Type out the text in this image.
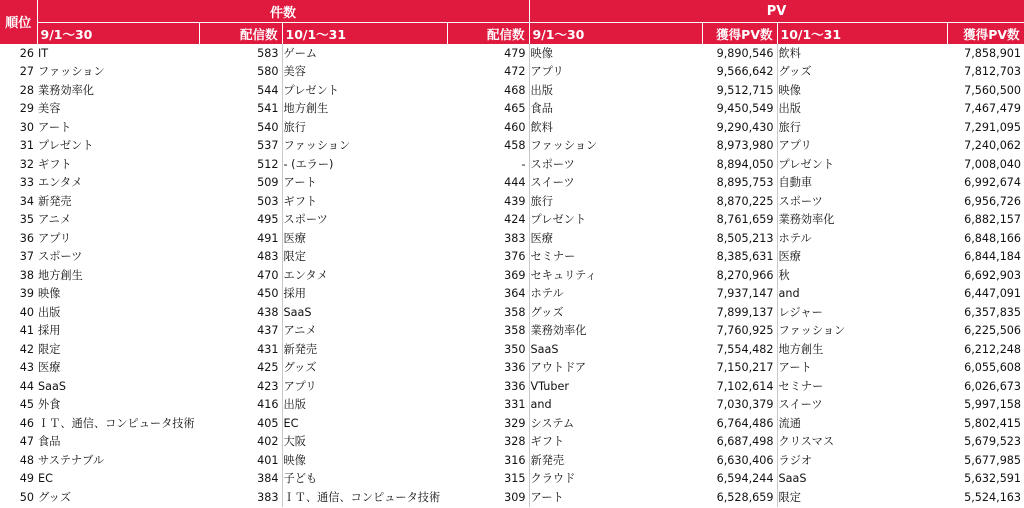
順位	件数				PV			
	9/1〜30	配信数	10/1〜31	配信数	9/1〜30	獲得PV数	10/1〜31	獲得PV数
26	IT	583	ゲーム	479	映像	9,890,546	飲料	7,858,901
27	ファッション	580	美容	472	アプリ	9,566,642	グッズ	7,812,703
28	業務効率化	544	プレゼント	468	出版	9,512,715	映像	7,560,500
29	美容	541	地方創生	465	食品	9,450,549	出版	7,467,479
30	アート	540	旅行	460	飲料	9,290,430	旅行	7,291,095
31	プレゼント	537	ファッション	458	ファッション	8,973,980	アプリ	7,240,062
32	ギフト	512	- (エラー)	-	スポーツ	8,894,050	プレゼント	7,008,040
33	エンタメ	509	アート	444	スイーツ	8,895,753	自動車	6,992,674
34	新発売	503	ギフト	439	旅行	8,870,225	スポーツ	6,956,726
35	アニメ	495	スポーツ	424	プレゼント	8,761,659	業務効率化	6,882,157
36	アプリ	491	医療	383	医療	8,505,213	ホテル	6,848,166
37	スポーツ	483	限定	376	セミナー	8,385,631	医療	6,844,184
38	地方創生	470	エンタメ	369	セキュリティ	8,270,966	秋	6,692,903
39	映像	450	採用	364	ホテル	7,937,147	and	6,447,091
40	出版	438	SaaS	358	グッズ	7,899,137	レジャー	6,357,835
41	採用	437	アニメ	358	業務効率化	7,760,925	ファッション	6,225,506
42	限定	431	新発売	350	SaaS	7,554,482	地方創生	6,212,248
43	医療	425	グッズ	336	アウトドア	7,150,217	アート	6,055,608
44	SaaS	423	アプリ	336	VTuber	7,102,614	セミナー	6,026,673
45	外食	416	出版	331	and	7,030,379	スイーツ	5,997,158
46	ＩＴ、通信、コンピュータ技術	405	EC	329	システム	6,764,486	流通	5,802,415
47	食品	402	大阪	328	ギフト	6,687,498	クリスマス	5,679,523
48	サステナブル	401	映像	316	新発売	6,630,406	ラジオ	5,677,985
49	EC	384	子ども	315	クラウド	6,594,244	SaaS	5,632,591
50	グッズ	383	ＩＴ、通信、コンピュータ技術	309	アート	6,528,659	限定	5,524,163
